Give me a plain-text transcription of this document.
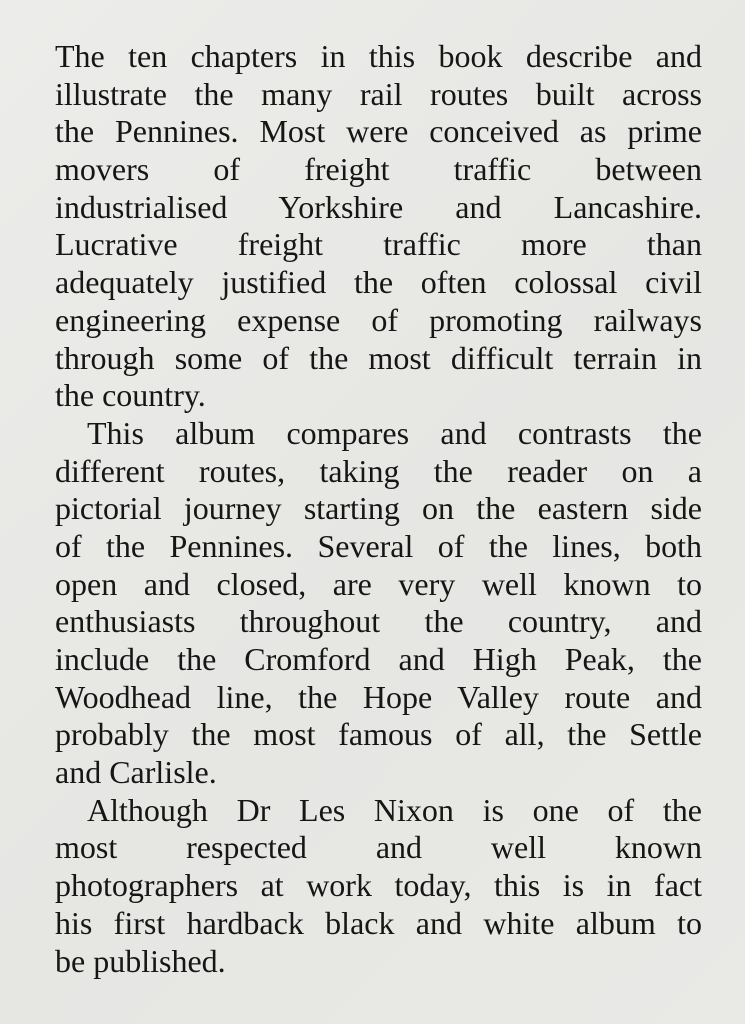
The ten chapters in this book describe and
illustrate the many rail routes built across
the Pennines. Most were conceived as prime
movers of freight traffic between
industrialised Yorkshire and Lancashire.
Lucrative freight traffic more than
adequately justified the often colossal civil
engineering expense of promoting railways
through some of the most difficult terrain in
the country.
This album compares and contrasts the
different routes, taking the reader on a
pictorial journey starting on the eastern side
of the Pennines. Several of the lines, both
open and closed, are very well known to
enthusiasts throughout the country, and
include the Cromford and High Peak, the
Woodhead line, the Hope Valley route and
probably the most famous of all, the Settle
and Carlisle.
Although Dr Les Nixon is one of the
most respected and well known
photographers at work today, this is in fact
his first hardback black and white album to
be published.
